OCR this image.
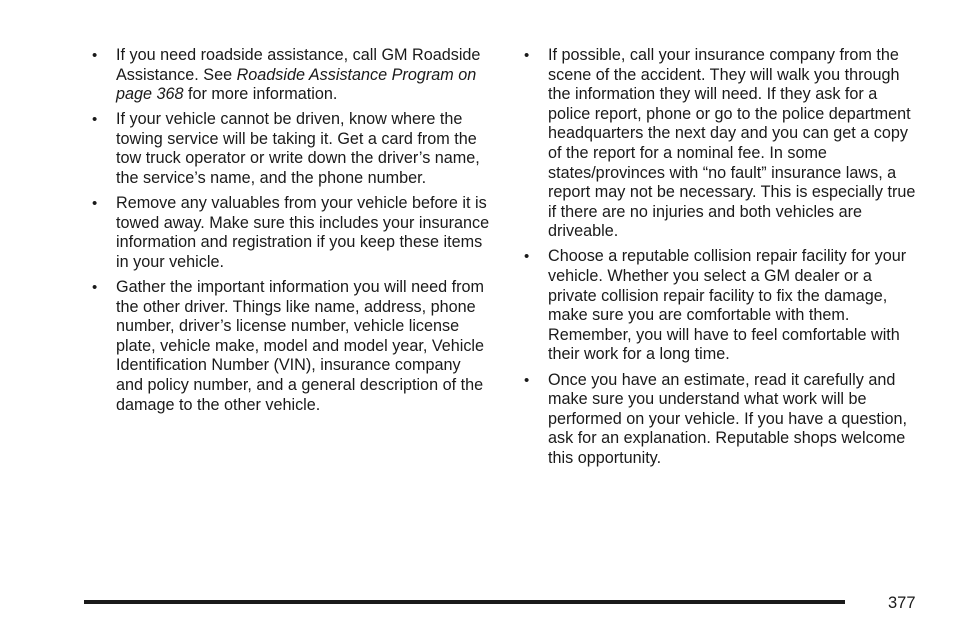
• If you need roadside assistance, call GM Roadside Assistance. See Roadside Assistance Program on page 368 for more information.
• If your vehicle cannot be driven, know where the towing service will be taking it. Get a card from the tow truck operator or write down the driver’s name, the service’s name, and the phone number.
• Remove any valuables from your vehicle before it is towed away. Make sure this includes your insurance information and registration if you keep these items in your vehicle.
• Gather the important information you will need from the other driver. Things like name, address, phone number, driver’s license number, vehicle license plate, vehicle make, model and model year, Vehicle Identification Number (VIN), insurance company and policy number, and a general description of the damage to the other vehicle.
• If possible, call your insurance company from the scene of the accident. They will walk you through the information they will need. If they ask for a police report, phone or go to the police department headquarters the next day and you can get a copy of the report for a nominal fee. In some states/provinces with “no fault” insurance laws, a report may not be necessary. This is especially true if there are no injuries and both vehicles are driveable.
• Choose a reputable collision repair facility for your vehicle. Whether you select a GM dealer or a private collision repair facility to fix the damage, make sure you are comfortable with them. Remember, you will have to feel comfortable with their work for a long time.
• Once you have an estimate, read it carefully and make sure you understand what work will be performed on your vehicle. If you have a question, ask for an explanation. Reputable shops welcome this opportunity.
377
